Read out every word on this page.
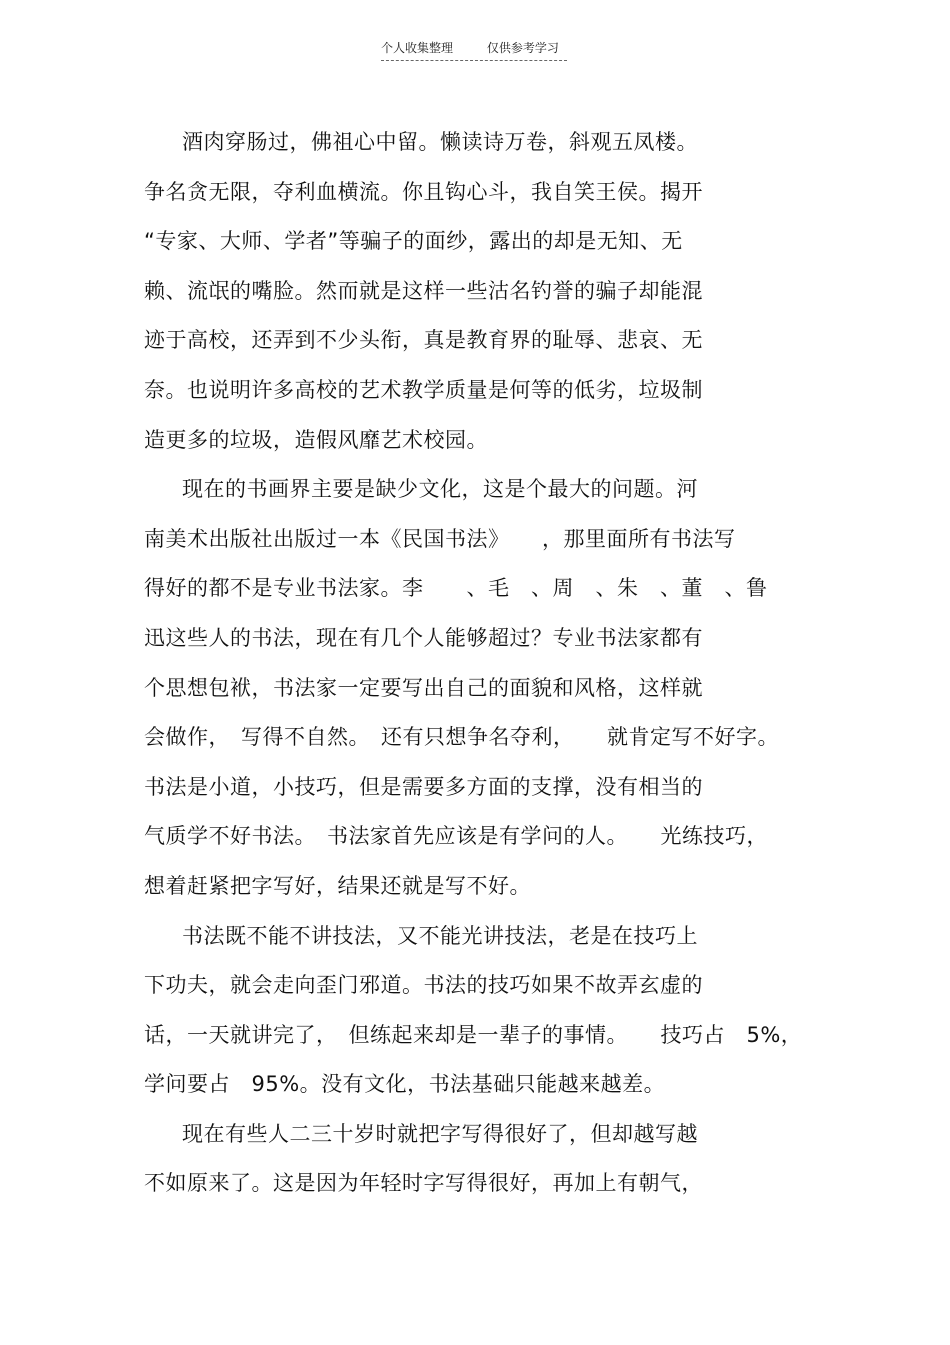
个人收集整理	仅供参考学习
酒肉穿肠过，佛祖心中留。懒读诗万卷，斜观五凤楼。
争名贪无限，夺利血横流。你且钩心斗，我自笑王侯。揭开
“专家、大师、学者”等骗子的面纱，露出的却是无知、无
赖、流氓的嘴脸。然而就是这样一些沽名钓誉的骗子却能混
迹于高校，还弄到不少头衔，真是教育界的耻辱、悲哀、无
奈。也说明许多高校的艺术教学质量是何等的低劣，垃圾制
造更多的垃圾，造假风靡艺术校园。
现在的书画界主要是缺少文化，这是个最大的问题。河
南美术出版社出版过一本《民国书法》　　，那里面所有书法写
得好的都不是专业书法家。李　　、毛　、周　、朱　、董　、鲁
迅这些人的书法，现在有几个人能够超过？专业书法家都有
个思想包袱，书法家一定要写出自己的面貌和风格，这样就
会做作，　写得不自然。　还有只想争名夺利，　　就肯定写不好字。
书法是小道，小技巧，但是需要多方面的支撑，没有相当的
气质学不好书法。　书法家首先应该是有学问的人。　　光练技巧，
想着赶紧把字写好，结果还就是写不好。
书法既不能不讲技法，又不能光讲技法，老是在技巧上
下功夫，就会走向歪门邪道。书法的技巧如果不故弄玄虚的
话，一天就讲完了，　但练起来却是一辈子的事情。　　技巧占　5%，
学问要占　95%。没有文化，书法基础只能越来越差。
现在有些人二三十岁时就把字写得很好了，但却越写越
不如原来了。这是因为年轻时字写得很好，再加上有朝气，
